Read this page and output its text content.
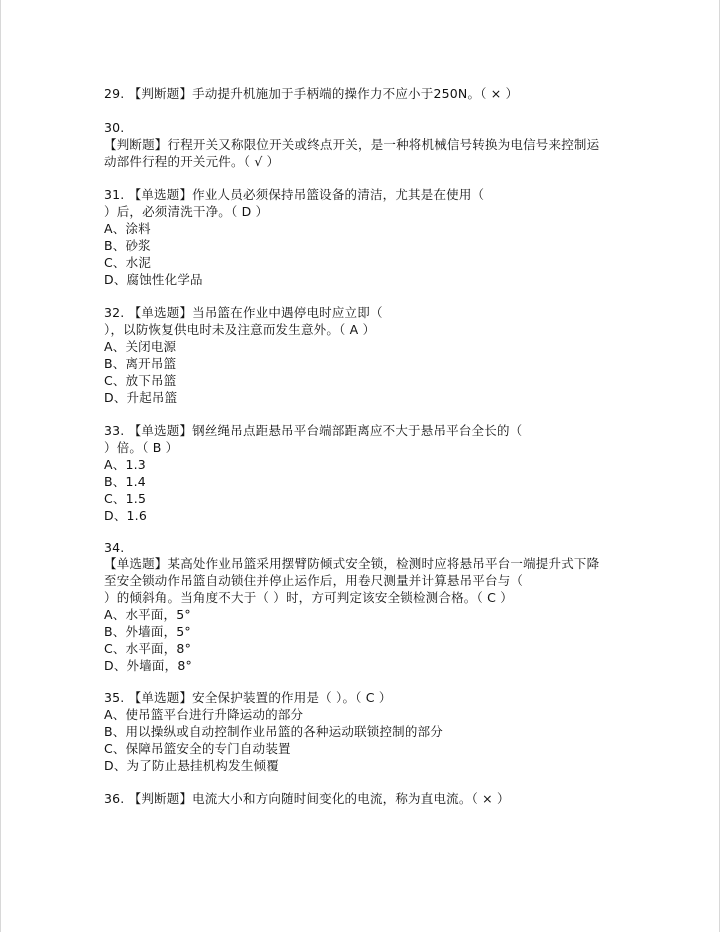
29. 【判断题】手动提升机施加于手柄端的操作力不应小于250N。（ × ）
30.
【判断题】行程开关又称限位开关或终点开关，是一种将机械信号转换为电信号来控制运
动部件行程的开关元件。（ √ ）
31. 【单选题】作业人员必须保持吊篮设备的清洁，尤其是在使用（
）后，必须清洗干净。（ D ）
A、涂料
B、砂浆
C、水泥
D、腐蚀性化学品
32. 【单选题】当吊篮在作业中遇停电时应立即（
），以防恢复供电时未及注意而发生意外。（ A ）
A、关闭电源
B、离开吊篮
C、放下吊篮
D、升起吊篮
33. 【单选题】钢丝绳吊点距悬吊平台端部距离应不大于悬吊平台全长的（
）倍。（ B ）
A、1.3
B、1.4
C、1.5
D、1.6
34.
【单选题】某高处作业吊篮采用摆臂防倾式安全锁，检测时应将悬吊平台一端提升式下降
至安全锁动作吊篮自动锁住并停止运作后，用卷尺测量并计算悬吊平台与（
）的倾斜角。当角度不大于（ ）时，方可判定该安全锁检测合格。（ C ）
A、水平面，5°
B、外墙面，5°
C、水平面，8°
D、外墙面，8°
35. 【单选题】安全保护装置的作用是（ ）。（ C ）
A、使吊篮平台进行升降运动的部分
B、用以操纵或自动控制作业吊篮的各种运动联锁控制的部分
C、保障吊篮安全的专门自动装置
D、为了防止悬挂机构发生倾覆
36. 【判断题】电流大小和方向随时间变化的电流，称为直电流。（ × ）
